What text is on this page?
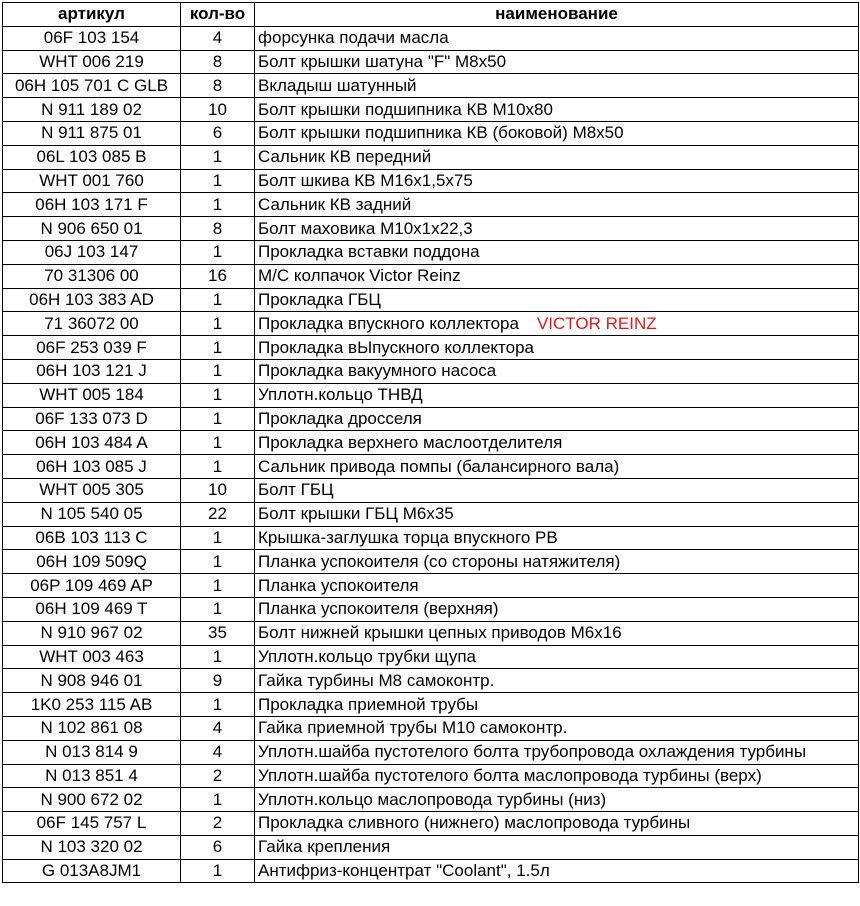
артикул	кол-во	наименование
06F 103 154	4	форсунка подачи масла
WHT 006 219	8	Болт крышки шатуна "F" M8x50
06H 105 701 C GLB	8	Вкладыш шатунный
N 911 189 02	10	Болт крышки подшипника КВ M10x80
N 911 875 01	6	Болт крышки подшипника КВ (боковой) M8x50
06L 103 085 B	1	Сальник КВ передний
WHT 001 760	1	Болт шкива КВ M16x1,5x75
06H 103 171 F	1	Сальник КВ задний
N 906 650 01	8	Болт маховика M10x1x22,3
06J 103 147	1	Прокладка вставки поддона
70 31306 00	16	М/С колпачок Victor Reinz
06H 103 383 AD	1	Прокладка ГБЦ
71 36072 00	1	Прокладка впускного коллектора VICTOR REINZ
06F 253 039 F	1	Прокладка вЫпускного коллектора
06H 103 121 J	1	Прокладка вакуумного насоса
WHT 005 184	1	Уплотн.кольцо ТНВД
06F 133 073 D	1	Прокладка дросселя
06H 103 484 A	1	Прокладка верхнего маслоотделителя
06H 103 085 J	1	Сальник привода помпы (балансирного вала)
WHT 005 305	10	Болт ГБЦ
N 105 540 05	22	Болт крышки ГБЦ M6x35
06B 103 113 C	1	Крышка-заглушка торца впускного РВ
06H 109 509Q	1	Планка успокоителя (со стороны натяжителя)
06P 109 469 AP	1	Планка успокоителя
06H 109 469 T	1	Планка успокоителя (верхняя)
N 910 967 02	35	Болт нижней крышки цепных приводов M6x16
WHT 003 463	1	Уплотн.кольцо трубки щупа
N 908 946 01	9	Гайка турбины M8 самоконтр.
1K0 253 115 AB	1	Прокладка приемной трубы
N 102 861 08	4	Гайка приемной трубы M10 самоконтр.
N 013 814 9	4	Уплотн.шайба пустотелого болта трубопровода охлаждения турбины
N 013 851 4	2	Уплотн.шайба пустотелого болта маслопровода турбины (верх)
N 900 672 02	1	Уплотн.кольцо маслопровода турбины (низ)
06F 145 757 L	2	Прокладка сливного (нижнего) маслопровода турбины
N 103 320 02	6	Гайка крепления
G 013A8JM1	1	Антифриз-концентрат "Coolant", 1.5л
